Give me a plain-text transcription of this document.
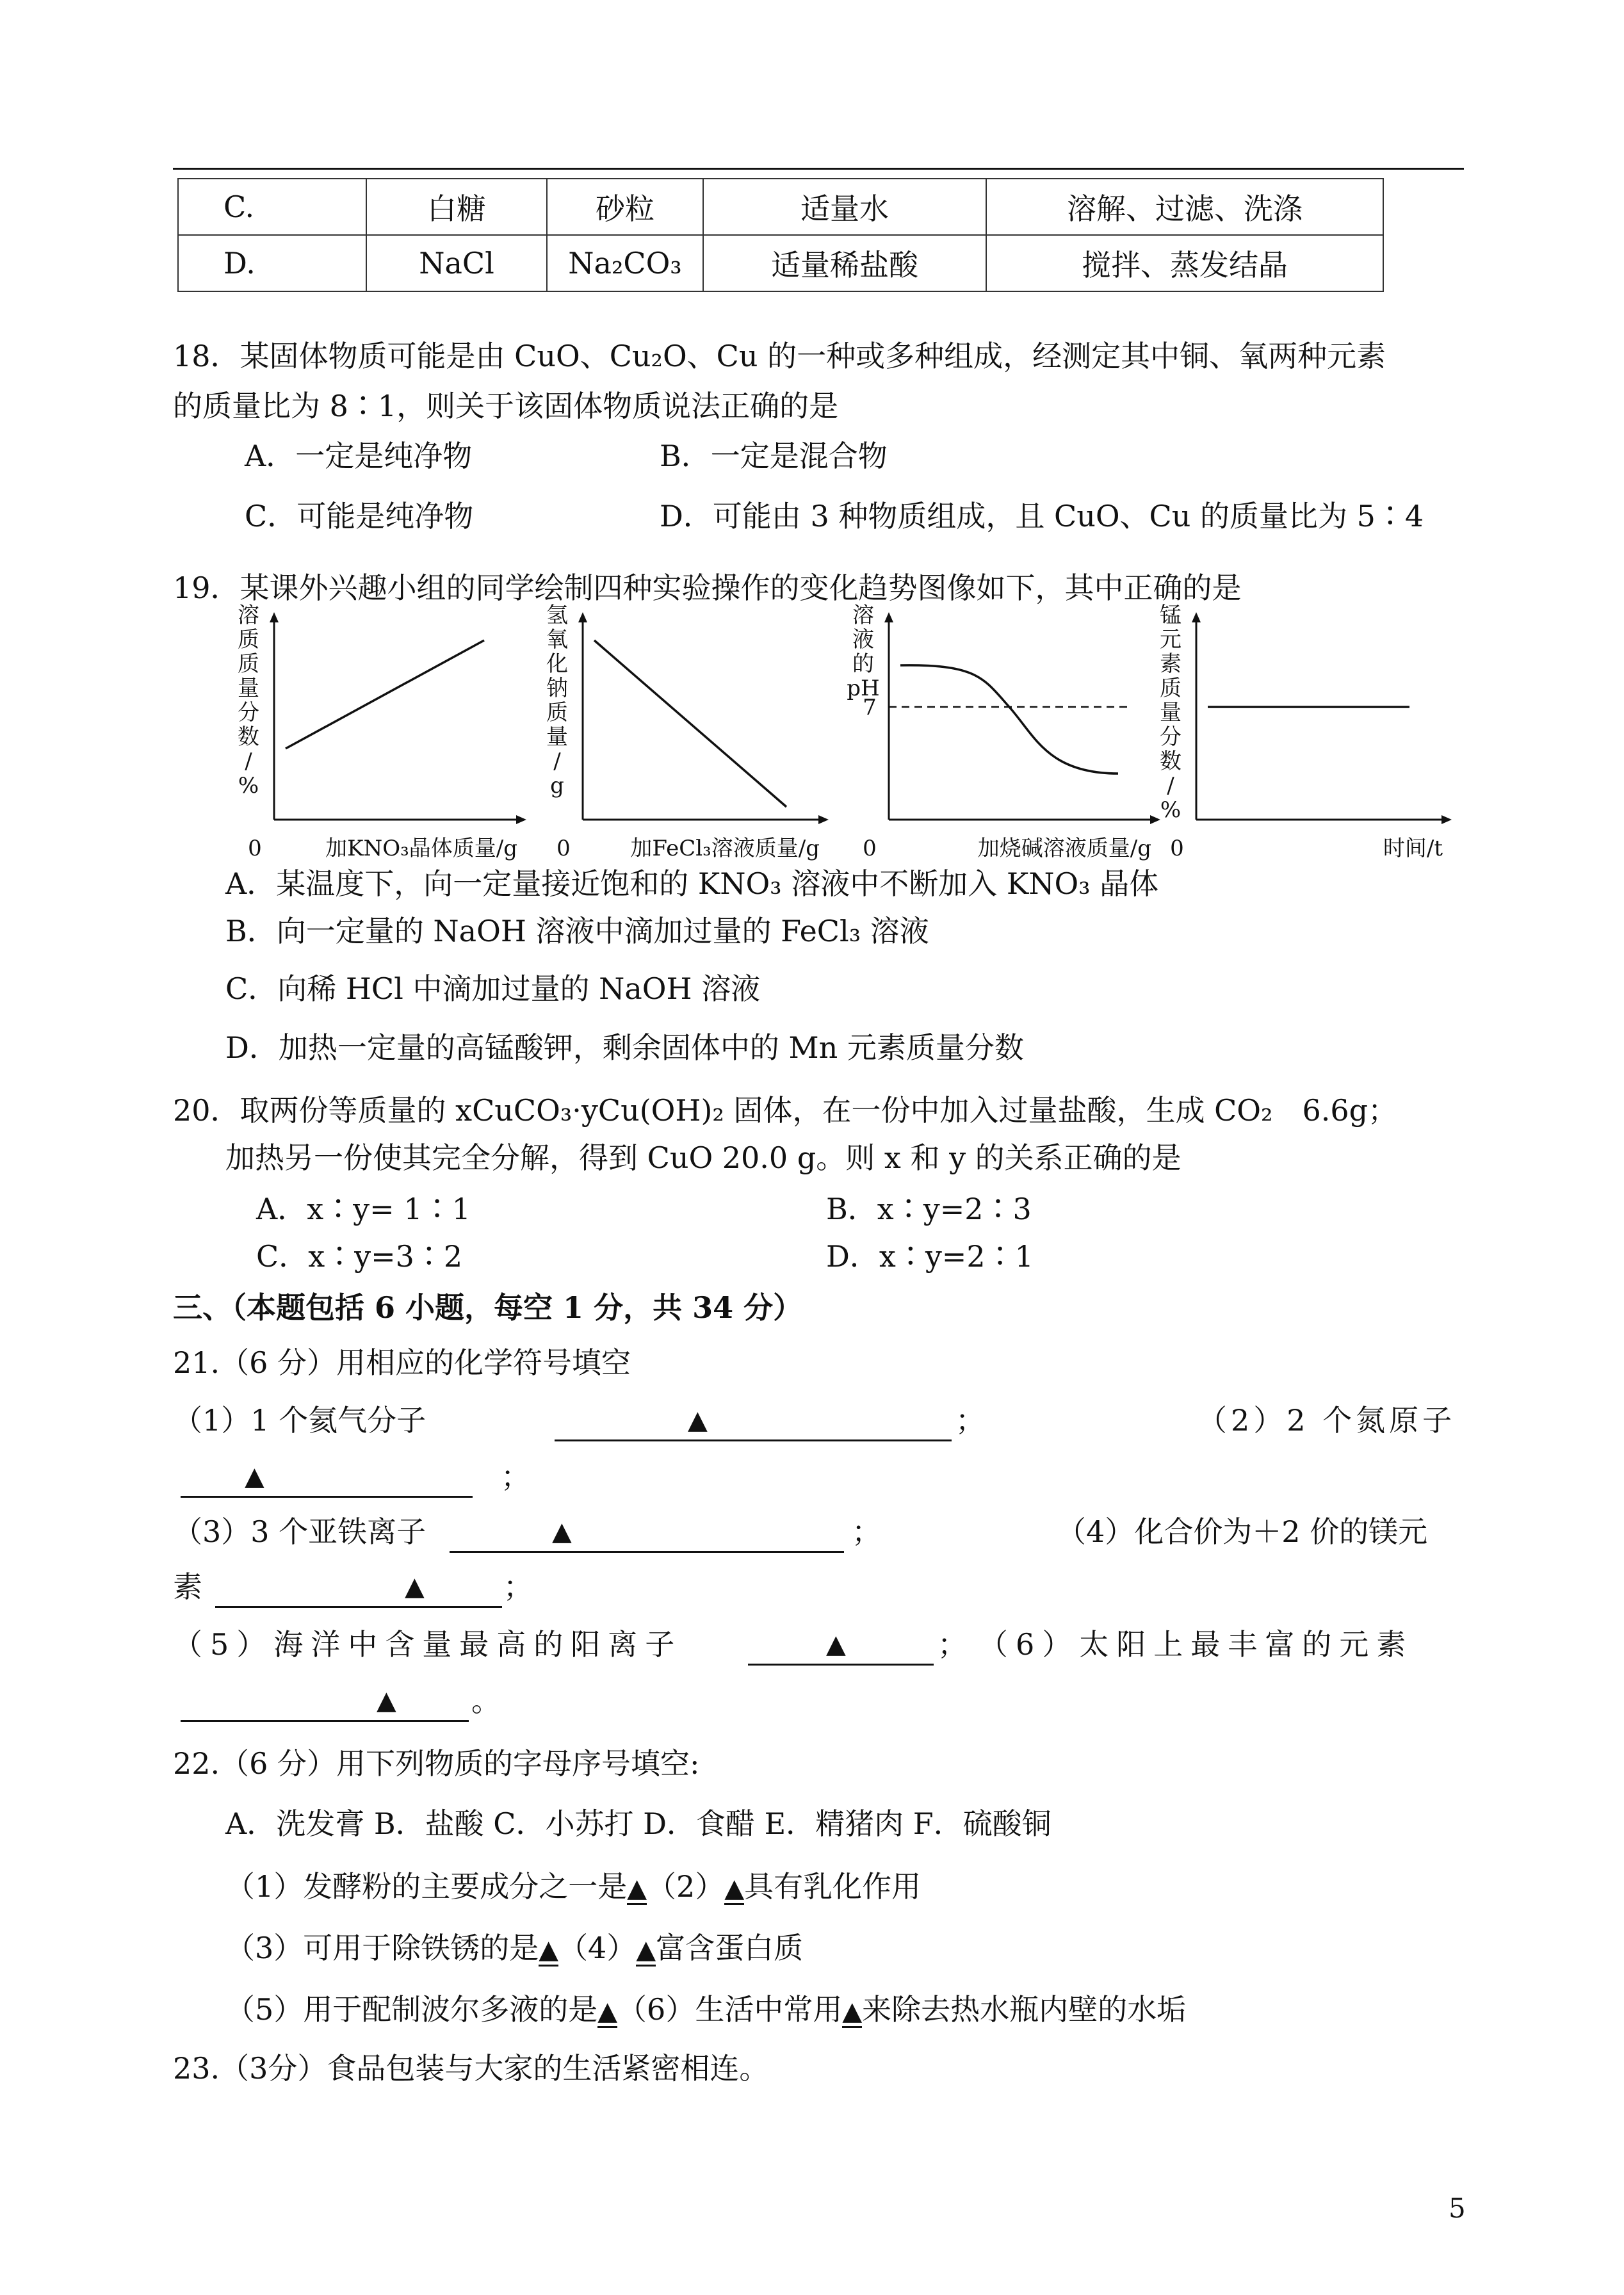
C.	白糖	砂粒	适量水	溶解、过滤、洗涤
D.	NaCl	Na₂CO₃	适量稀盐酸	搅拌、蒸发结晶
18．某固体物质可能是由 CuO、Cu₂O、Cu 的一种或多种组成，经测定其中铜、氧两种元素
的质量比为 8∶1，则关于该固体物质说法正确的是
A．一定是纯净物	B．一定是混合物
C．可能是纯净物	D．可能由 3 种物质组成，且 CuO、Cu 的质量比为 5∶4
19．某课外兴趣小组的同学绘制四种实验操作的变化趋势图像如下，其中正确的是
溶
质
质
量
分
数
/
%
0	加KNO₃晶体质量/g
氢
氧
化
钠
质
量
/
g
0	加FeCl₃溶液质量/g
溶
液
的
pH
0	加烧碱溶液质量/g
7
锰
元
素
质
量
分
数
/
%
0	时间/t
A．某温度下，向一定量接近饱和的 KNO₃ 溶液中不断加入 KNO₃ 晶体
B．向一定量的 NaOH 溶液中滴加过量的 FeCl₃ 溶液
C．向稀 HCl 中滴加过量的 NaOH 溶液
D．加热一定量的高锰酸钾，剩余固体中的 Mn 元素质量分数
20．取两份等质量的 xCuCO₃·yCu(OH)₂ 固体，在一份中加入过量盐酸，生成 CO₂　6.6g；
加热另一份使其完全分解，得到 CuO 20.0 g。则 x 和 y 的关系正确的是
A．x∶y= 1∶1	B．x∶y=2∶3
C．x∶y=3∶2	D．x∶y=2∶1
三、（本题包括 6 小题，每空 1 分，共 34 分）
21.（6 分）用相应的化学符号填空
（1）1 个氦气分子	▲	；	（2）2 个氮原子
▲	；
（3）3 个亚铁离子	▲	；	（4）化合价为＋2 价的镁元
素	▲	；
（5）海洋中含量最高的阳离子	▲	； （6）太阳上最丰富的元素
▲	。
22.（6 分）用下列物质的字母序号填空:
A．洗发膏 B．盐酸 C．小苏打 D．食醋 E．精猪肉 F．硫酸铜
（1）发酵粉的主要成分之一是▲（2）▲具有乳化作用
（3）可用于除铁锈的是▲（4）▲富含蛋白质
（5）用于配制波尔多液的是▲（6）生活中常用▲来除去热水瓶内壁的水垢
23.（3分）食品包装与大家的生活紧密相连。
5
